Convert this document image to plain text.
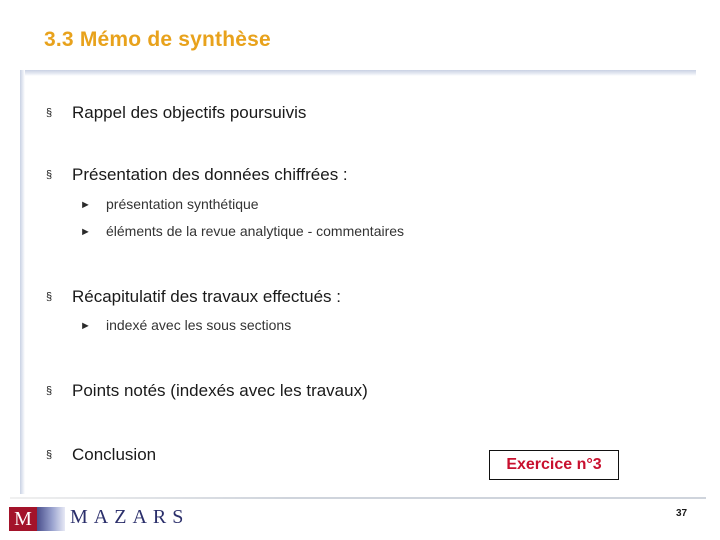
3.3 Mémo de synthèse
§ Rappel des objectifs poursuivis
§ Présentation des données chiffrées :
► présentation synthétique
► éléments de la revue analytique - commentaires
§ Récapitulatif des travaux effectués :
► indexé avec les sous sections
§ Points notés (indexés avec les travaux)
§ Conclusion
Exercice n°3
M MAZARS	37
